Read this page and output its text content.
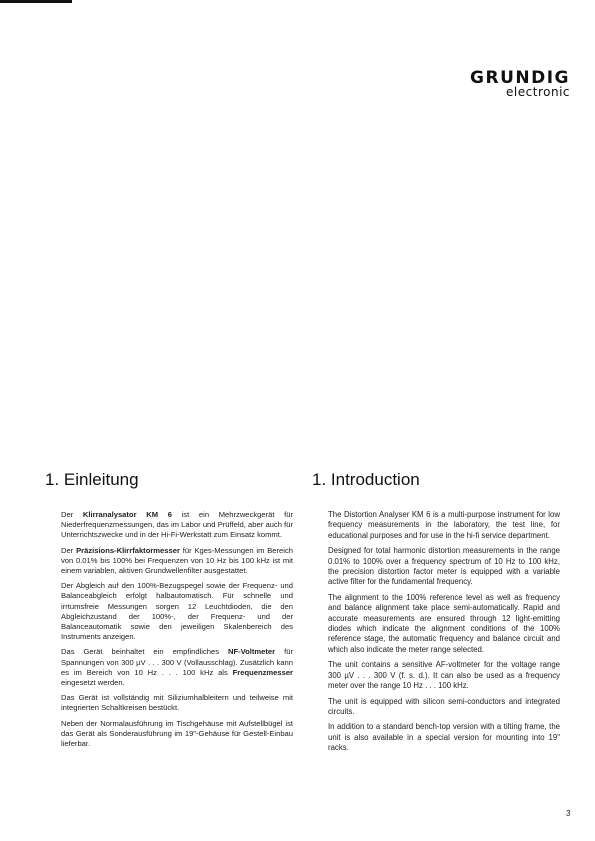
GRUNDIG
electronic
1. Einleitung

Der Klirranalysator KM 6 ist ein Mehrzweckgerät für Niederfrequenzmessungen, das im Labor und Prüffeld, aber auch für Unterrichtszwecke und in der Hi-Fi-Werkstatt zum Einsatz kommt.

Der Präzisions-Klirrfaktormesser für Kges-Messungen im Bereich von 0.01% bis 100% bei Frequenzen von 10 Hz bis 100 kHz ist mit einem variablen, aktiven Grundwellenfilter ausgestattet.

Der Abgleich auf den 100%-Bezugspegel sowie der Frequenz- und Balanceabgleich erfolgt halbautomatisch. Für schnelle und irrtumsfreie Messungen sorgen 12 Leuchtdioden, die den Abgleichzustand der 100%-, der Frequenz- und der Balanceautomatik sowie den jeweiligen Skalenbereich des Instruments anzeigen.

Das Gerät beinhaltet ein empfindliches NF-Voltmeter für Spannungen von 300 µV . . . 300 V (Vollausschlag). Zusätzlich kann es im Bereich von 10 Hz . . . 100 kHz als Frequenzmesser eingesetzt werden.

Das Gerät ist vollständig mit Siliziumhalbleitern und teilweise mit integrierten Schaltkreisen bestückt.

Neben der Normalausführung im Tischgehäuse mit Aufstellbügel ist das Gerät als Sonderausführung im 19"-Gehäuse für Gestell-Einbau lieferbar.

1. Introduction

The Distortion Analyser KM 6 is a multi-purpose instrument for low frequency measurements in the laboratory, the test line, for educational purposes and for use in the hi-fi service department.

Designed for total harmonic distortion measurements in the range 0.01% to 100% over a frequency spectrum of 10 Hz to 100 kHz, the precision distortion factor meter is equipped with a variable active filter for the fundamental frequency.

The alignment to the 100% reference level as well as frequency and balance alignment take place semi-automatically. Rapid and accurate measurements are ensured through 12 light-emitting diodes which indicate the alignment conditions of the 100% reference stage, the automatic frequency and balance circuit and which also indicate the meter range selected.

The unit contains a sensitive AF-voltmeter for the voltage range 300 µV . . . 300 V (f. s. d.). It can also be used as a frequency meter over the range 10 Hz . . . 100 kHz.

The unit is equipped with silicon semi-conductors and integrated circuits.

In addition to a standard bench-top version with a tilting frame, the unit is also available in a special version for mounting into 19" racks.

3
